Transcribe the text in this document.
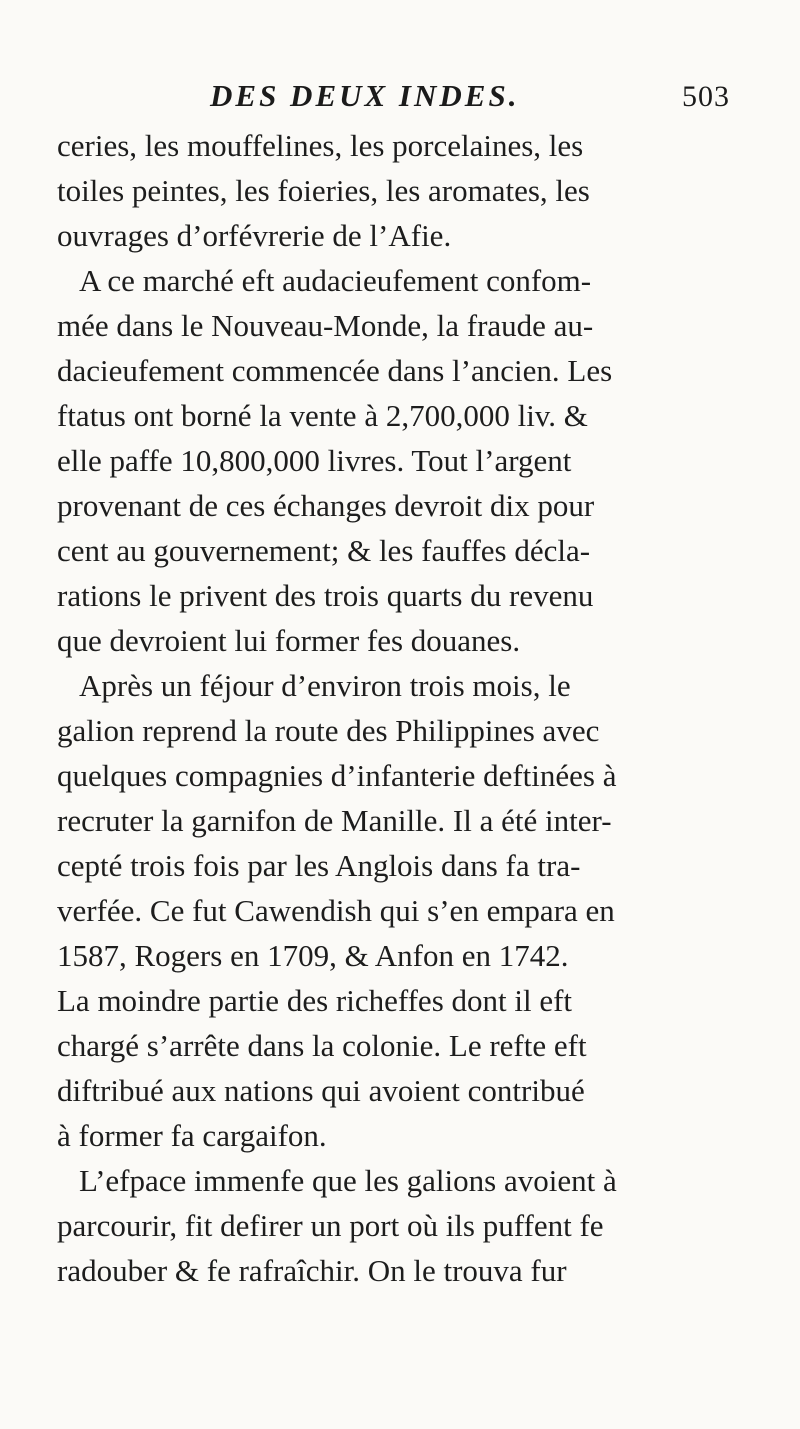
DES DEUX INDES.	503
ceries, les mouffelines, les porcelaines, les
toiles peintes, les foieries, les aromates, les
ouvrages d’orfévrerie de l’Afie.
A ce marché eft audacieufement confom-
mée dans le Nouveau-Monde, la fraude au-
dacieufement commencée dans l’ancien. Les
ftatus ont borné la vente à 2,700,000 liv. &
elle paffe 10,800,000 livres. Tout l’argent
provenant de ces échanges devroit dix pour
cent au gouvernement; & les fauffes décla-
rations le privent des trois quarts du revenu
que devroient lui former fes douanes.
Après un féjour d’environ trois mois, le
galion reprend la route des Philippines avec
quelques compagnies d’infanterie deftinées à
recruter la garnifon de Manille. Il a été inter-
cepté trois fois par les Anglois dans fa tra-
verfée. Ce fut Cawendish qui s’en empara en
1587, Rogers en 1709, & Anfon en 1742.
La moindre partie des richeffes dont il eft
chargé s’arrête dans la colonie. Le refte eft
diftribué aux nations qui avoient contribué
à former fa cargaifon.
L’efpace immenfe que les galions avoient à
parcourir, fit defirer un port où ils puffent fe
radouber & fe rafraîchir. On le trouva fur
